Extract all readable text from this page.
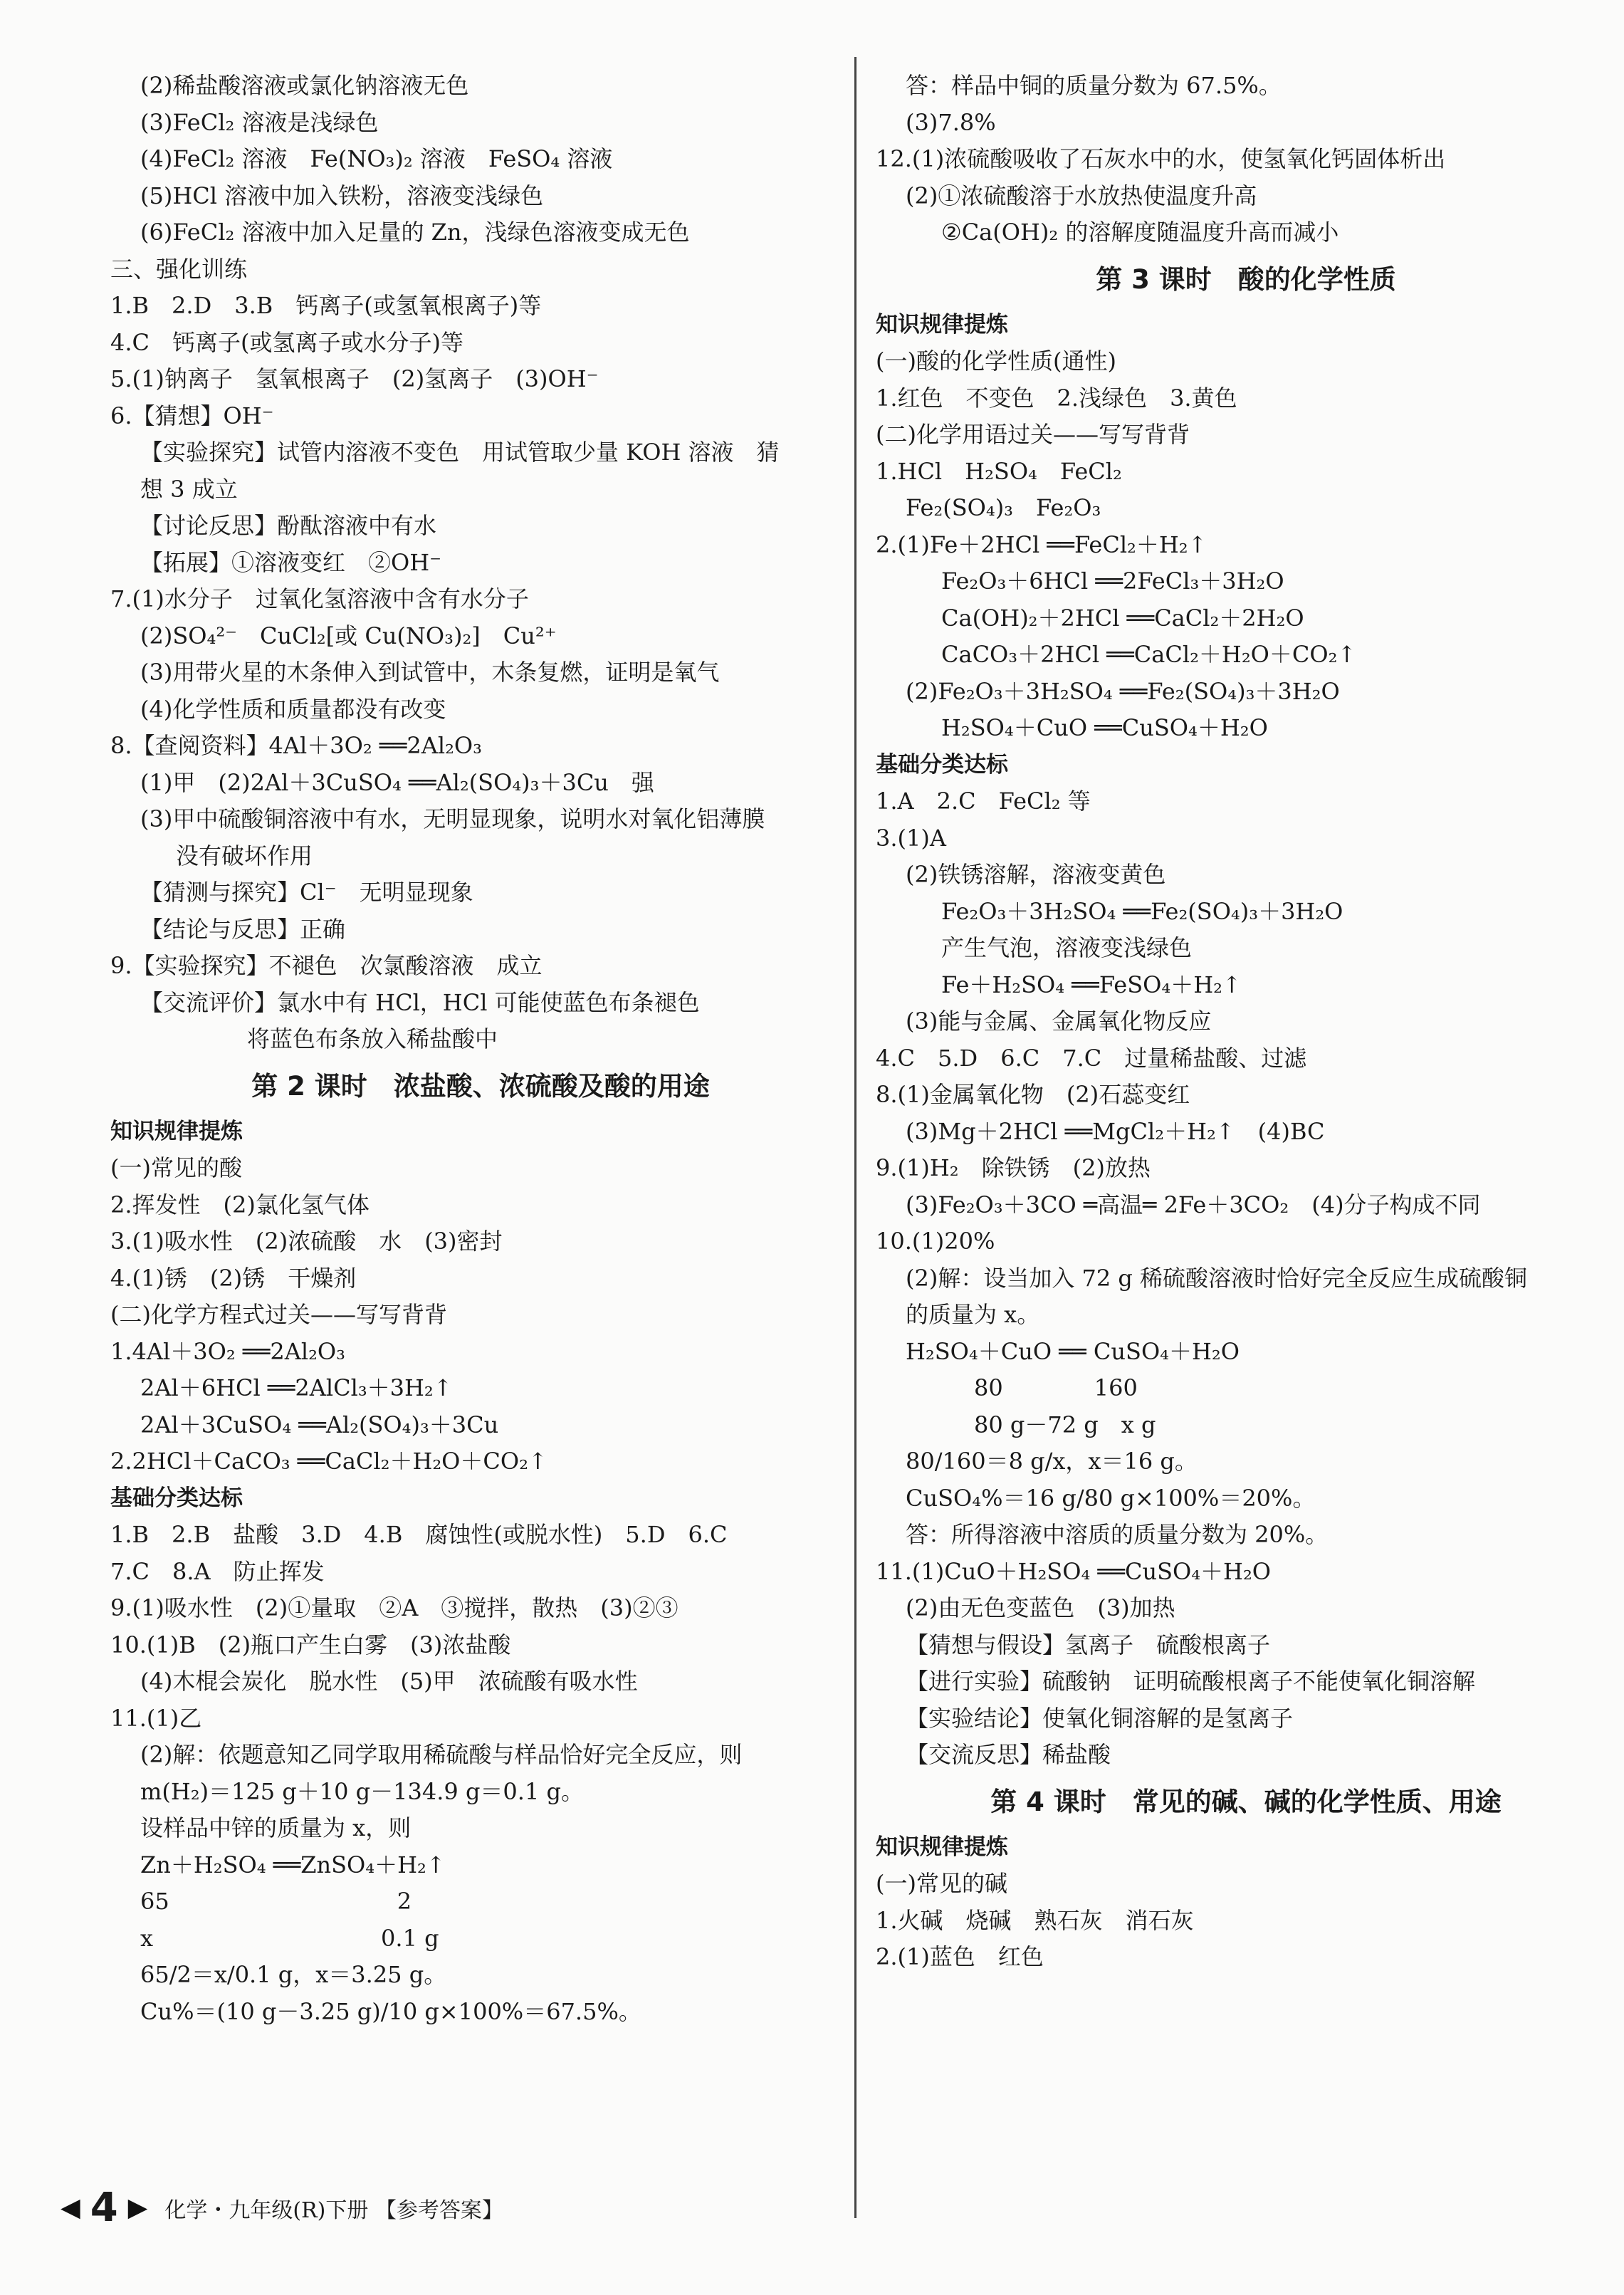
(2)稀盐酸溶液或氯化钠溶液无色
(3)FeCl₂ 溶液是浅绿色
(4)FeCl₂ 溶液　Fe(NO₃)₂ 溶液　FeSO₄ 溶液
(5)HCl 溶液中加入铁粉，溶液变浅绿色
(6)FeCl₂ 溶液中加入足量的 Zn，浅绿色溶液变成无色
三、强化训练
1.B　2.D　3.B　钙离子(或氢氧根离子)等
4.C　钙离子(或氢离子或水分子)等
5.(1)钠离子　氢氧根离子　(2)氢离子　(3)OH⁻
6.【猜想】OH⁻
【实验探究】试管内溶液不变色　用试管取少量 KOH 溶液　猜
想 3 成立
【讨论反思】酚酞溶液中有水
【拓展】①溶液变红　②OH⁻
7.(1)水分子　过氧化氢溶液中含有水分子
(2)SO₄²⁻　CuCl₂[或 Cu(NO₃)₂]　Cu²⁺
(3)用带火星的木条伸入到试管中，木条复燃，证明是氧气
(4)化学性质和质量都没有改变
8.【查阅资料】4Al＋3O₂ ══2Al₂O₃
(1)甲　(2)2Al＋3CuSO₄ ══Al₂(SO₄)₃＋3Cu　强
(3)甲中硫酸铜溶液中有水，无明显现象，说明水对氧化铝薄膜
没有破坏作用
【猜测与探究】Cl⁻　无明显现象
【结论与反思】正确
9.【实验探究】不褪色　次氯酸溶液　成立
【交流评价】氯水中有 HCl，HCl 可能使蓝色布条褪色
将蓝色布条放入稀盐酸中
第 2 课时　浓盐酸、浓硫酸及酸的用途
知识规律提炼
(一)常见的酸
2.挥发性　(2)氯化氢气体
3.(1)吸水性　(2)浓硫酸　水　(3)密封
4.(1)锈　(2)锈　干燥剂
(二)化学方程式过关——写写背背
1.4Al＋3O₂ ══2Al₂O₃
2Al＋6HCl ══2AlCl₃＋3H₂↑
2Al＋3CuSO₄ ══Al₂(SO₄)₃＋3Cu
2.2HCl＋CaCO₃ ══CaCl₂＋H₂O＋CO₂↑
基础分类达标
1.B　2.B　盐酸　3.D　4.B　腐蚀性(或脱水性)　5.D　6.C
7.C　8.A　防止挥发
9.(1)吸水性　(2)①量取　②A　③搅拌，散热　(3)②③
10.(1)B　(2)瓶口产生白雾　(3)浓盐酸
(4)木棍会炭化　脱水性　(5)甲　浓硫酸有吸水性
11.(1)乙
(2)解：依题意知乙同学取用稀硫酸与样品恰好完全反应，则
m(H₂)＝125 g＋10 g－134.9 g＝0.1 g。
设样品中锌的质量为 x，则
Zn＋H₂SO₄ ══ZnSO₄＋H₂↑
65　　　　　　　　　　2
x　　　　　　　　　　0.1 g
65/2＝x/0.1 g，x＝3.25 g。
Cu%＝(10 g－3.25 g)/10 g×100%＝67.5%。
答：样品中铜的质量分数为 67.5%。
(3)7.8%
12.(1)浓硫酸吸收了石灰水中的水，使氢氧化钙固体析出
(2)①浓硫酸溶于水放热使温度升高
②Ca(OH)₂ 的溶解度随温度升高而减小
第 3 课时　酸的化学性质
知识规律提炼
(一)酸的化学性质(通性)
1.红色　不变色　2.浅绿色　3.黄色
(二)化学用语过关——写写背背
1.HCl　H₂SO₄　FeCl₂
Fe₂(SO₄)₃　Fe₂O₃
2.(1)Fe＋2HCl ══FeCl₂＋H₂↑
Fe₂O₃＋6HCl ══2FeCl₃＋3H₂O
Ca(OH)₂＋2HCl ══CaCl₂＋2H₂O
CaCO₃＋2HCl ══CaCl₂＋H₂O＋CO₂↑
(2)Fe₂O₃＋3H₂SO₄ ══Fe₂(SO₄)₃＋3H₂O
H₂SO₄＋CuO ══CuSO₄＋H₂O
基础分类达标
1.A　2.C　FeCl₂ 等
3.(1)A
(2)铁锈溶解，溶液变黄色
Fe₂O₃＋3H₂SO₄ ══Fe₂(SO₄)₃＋3H₂O
产生气泡，溶液变浅绿色
Fe＋H₂SO₄ ══FeSO₄＋H₂↑
(3)能与金属、金属氧化物反应
4.C　5.D　6.C　7.C　过量稀盐酸、过滤
8.(1)金属氧化物　(2)石蕊变红
(3)Mg＋2HCl ══MgCl₂＋H₂↑　(4)BC
9.(1)H₂　除铁锈　(2)放热
(3)Fe₂O₃＋3CO ═高温═ 2Fe＋3CO₂　(4)分子构成不同
10.(1)20%
(2)解：设当加入 72 g 稀硫酸溶液时恰好完全反应生成硫酸铜
的质量为 x。
H₂SO₄＋CuO ══ CuSO₄＋H₂O
　　　80　　　　160
　　　80 g－72 g　x g
80/160＝8 g/x，x＝16 g。
CuSO₄%＝16 g/80 g×100%＝20%。
答：所得溶液中溶质的质量分数为 20%。
11.(1)CuO＋H₂SO₄ ══CuSO₄＋H₂O
(2)由无色变蓝色　(3)加热
【猜想与假设】氢离子　硫酸根离子
【进行实验】硫酸钠　证明硫酸根离子不能使氧化铜溶解
【实验结论】使氧化铜溶解的是氢离子
【交流反思】稀盐酸
第 4 课时　常见的碱、碱的化学性质、用途
知识规律提炼
(一)常见的碱
1.火碱　烧碱　熟石灰　消石灰
2.(1)蓝色　红色
◀ 4 ▶ 化学・九年级(R)下册 【参考答案】
